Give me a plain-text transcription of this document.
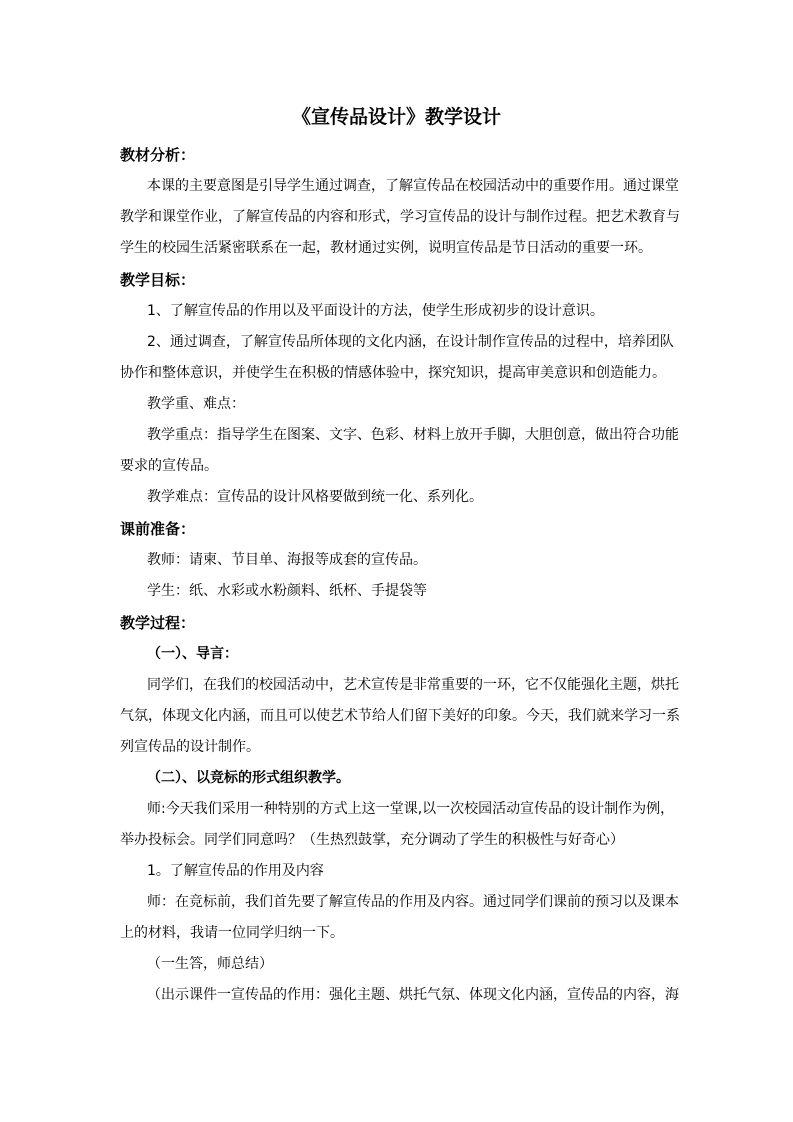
《宣传品设计》教学设计
教材分析：
本课的主要意图是引导学生通过调查，了解宣传品在校园活动中的重要作用。通过课堂
教学和课堂作业，了解宣传品的内容和形式，学习宣传品的设计与制作过程。把艺术教育与
学生的校园生活紧密联系在一起，教材通过实例，说明宣传品是节日活动的重要一环。
教学目标：
1、了解宣传品的作用以及平面设计的方法，使学生形成初步的设计意识。
2、通过调查，了解宣传品所体现的文化内涵，在设计制作宣传品的过程中，培养团队
协作和整体意识，并使学生在积极的情感体验中，探究知识，提高审美意识和创造能力。
教学重、难点：
教学重点：指导学生在图案、文字、色彩、材料上放开手脚，大胆创意，做出符合功能
要求的宣传品。
教学难点：宣传品的设计风格要做到统一化、系列化。
课前准备：
教师：请柬、节目单、海报等成套的宣传品。
学生：纸、水彩或水粉颜料、纸杯、手提袋等
教学过程：
（一）、导言：
同学们，在我们的校园活动中，艺术宣传是非常重要的一环，它不仅能强化主题，烘托
气氛，体现文化内涵，而且可以使艺术节给人们留下美好的印象。今天，我们就来学习一系
列宣传品的设计制作。
（二）、以竞标的形式组织教学。
师:今天我们采用一种特别的方式上这一堂课,以一次校园活动宣传品的设计制作为例，
举办投标会。同学们同意吗？（生热烈鼓掌，充分调动了学生的积极性与好奇心）
1。了解宣传品的作用及内容
师：在竞标前，我们首先要了解宣传品的作用及内容。通过同学们课前的预习以及课本
上的材料，我请一位同学归纳一下。
（一生答，师总结）
（出示课件一宣传品的作用：强化主题、烘托气氛、体现文化内涵，宣传品的内容，海
